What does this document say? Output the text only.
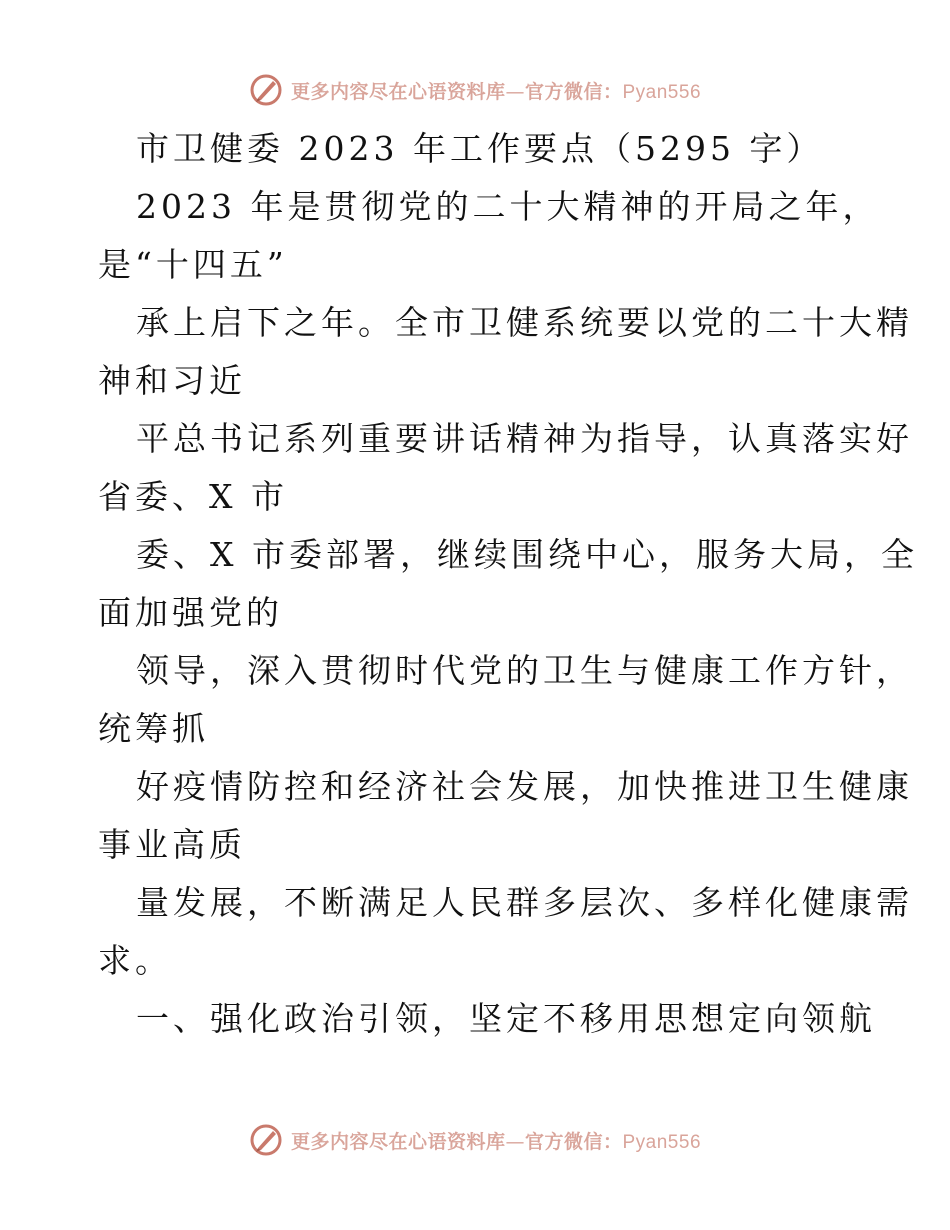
更多内容尽在心语资料库—官方微信：Pyan556
市卫健委 2023 年工作要点（5295 字）
2023 年是贯彻党的二十大精神的开局之年，
是“十四五”
承上启下之年。全市卫健系统要以党的二十大精
神和习近
平总书记系列重要讲话精神为指导，认真落实好
省委、X 市
委、X 市委部署，继续围绕中心，服务大局，全
面加强党的
领导，深入贯彻时代党的卫生与健康工作方针，
统筹抓
好疫情防控和经济社会发展，加快推进卫生健康
事业高质
量发展，不断满足人民群多层次、多样化健康需
求。
一、强化政治引领，坚定不移用思想定向领航
更多内容尽在心语资料库—官方微信：Pyan556
